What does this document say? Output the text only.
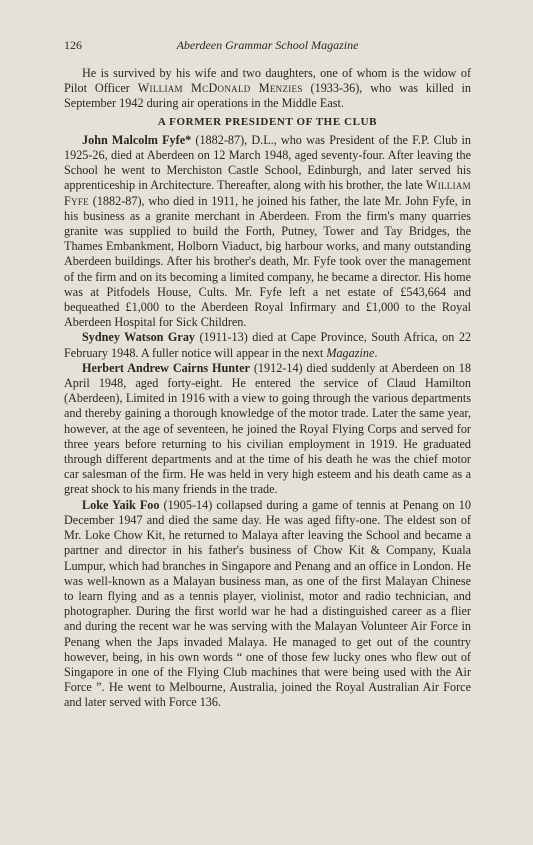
126	Aberdeen Grammar School Magazine

He is survived by his wife and two daughters, one of whom is the widow of Pilot Officer William McDonald Menzies (1933-36), who was killed in September 1942 during air operations in the Middle East.

A FORMER PRESIDENT OF THE CLUB

John Malcolm Fyfe* (1882-87), D.L., who was President of the F.P. Club in 1925-26, died at Aberdeen on 12 March 1948, aged seventy-four. After leaving the School he went to Merchiston Castle School, Edinburgh, and later served his apprenticeship in Architecture. Thereafter, along with his brother, the late William Fyfe (1882-87), who died in 1911, he joined his father, the late Mr. John Fyfe, in his business as a granite merchant in Aberdeen. From the firm's many quarries granite was supplied to build the Forth, Putney, Tower and Tay Bridges, the Thames Embankment, Holborn Viaduct, big harbour works, and many outstanding Aberdeen buildings. After his brother's death, Mr. Fyfe took over the management of the firm and on its becoming a limited company, he became a director. His home was at Pitfodels House, Cults. Mr. Fyfe left a net estate of £543,664 and bequeathed £1,000 to the Aberdeen Royal Infirmary and £1,000 to the Royal Aberdeen Hospital for Sick Children.

Sydney Watson Gray (1911-13) died at Cape Province, South Africa, on 22 February 1948. A fuller notice will appear in the next Magazine.

Herbert Andrew Cairns Hunter (1912-14) died suddenly at Aberdeen on 18 April 1948, aged forty-eight. He entered the service of Claud Hamilton (Aberdeen), Limited in 1916 with a view to going through the various departments and thereby gaining a thorough knowledge of the motor trade. Later the same year, however, at the age of seventeen, he joined the Royal Flying Corps and served for three years before returning to his civilian employment in 1919. He graduated through different departments and at the time of his death he was the chief motor car salesman of the firm. He was held in very high esteem and his death came as a great shock to his many friends in the trade.

Loke Yaik Foo (1905-14) collapsed during a game of tennis at Penang on 10 December 1947 and died the same day. He was aged fifty-one. The eldest son of Mr. Loke Chow Kit, he returned to Malaya after leaving the School and became a partner and director in his father's business of Chow Kit & Company, Kuala Lumpur, which had branches in Singapore and Penang and an office in London. He was well-known as a Malayan business man, as one of the first Malayan Chinese to learn flying and as a tennis player, violinist, motor and radio technician, and photographer. During the first world war he had a distinguished career as a flier and during the recent war he was serving with the Malayan Volunteer Air Force in Penang when the Japs invaded Malaya. He managed to get out of the country however, being, in his own words “ one of those few lucky ones who flew out of Singapore in one of the Flying Club machines that were being used with the Air Force ”. He went to Melbourne, Australia, joined the Royal Australian Air Force and later served with Force 136.
